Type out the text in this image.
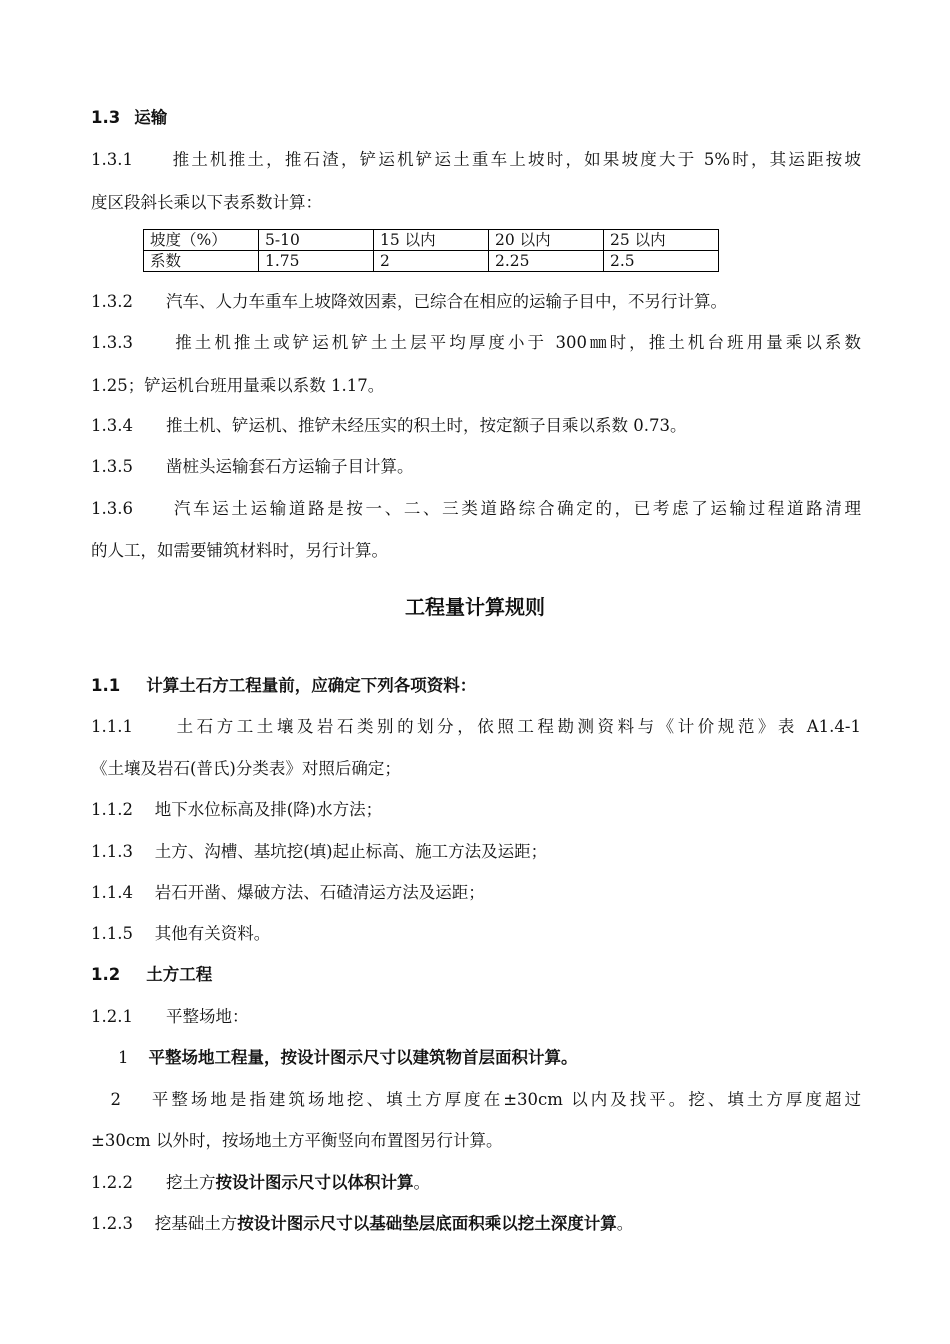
1.3 运输
1.3.1　　推土机推土，推石渣，铲运机铲运土重车上坡时，如果坡度大于 5%时，其运距按坡
度区段斜长乘以下表系数计算：
坡度（%）	5-10	15 以内	20 以内	25 以内
系数	1.75	2	2.25	2.5
1.3.2　　汽车、人力车重车上坡降效因素，已综合在相应的运输子目中，不另行计算。
1.3.3　　推土机推土或铲运机铲土土层平均厚度小于 300㎜时，推土机台班用量乘以系数
1.25；铲运机台班用量乘以系数 1.17。
1.3.4　　推土机、铲运机、推铲未经压实的积土时，按定额子目乘以系数 0.73。
1.3.5　　凿桩头运输套石方运输子目计算。
1.3.6　　汽车运土运输道路是按一、二、三类道路综合确定的，已考虑了运输过程道路清理
的人工，如需要铺筑材料时，另行计算。
工程量计算规则
1.1 计算土石方工程量前，应确定下列各项资料：
1.1.1　　土石方工土壤及岩石类别的划分，依照工程勘测资料与《计价规范》表 A1.4-1
《土壤及岩石(普氏)分类表》对照后确定；
1.1.2　 地下水位标高及排(降)水方法；
1.1.3　 土方、沟槽、基坑挖(填)起止标高、施工方法及运距；
1.1.4　 岩石开凿、爆破方法、石碴清运方法及运距；
1.1.5　 其他有关资料。
1.2 土方工程
1.2.1　　平整场地：
1 平整场地工程量，按设计图示尺寸以建筑物首层面积计算。
　2　 平整场地是指建筑场地挖、填土方厚度在±30cm 以内及找平。挖、填土方厚度超过
±30cm 以外时，按场地土方平衡竖向布置图另行计算。
1.2.2　　挖土方按设计图示尺寸以体积计算。
1.2.3　 挖基础土方按设计图示尺寸以基础垫层底面积乘以挖土深度计算。
